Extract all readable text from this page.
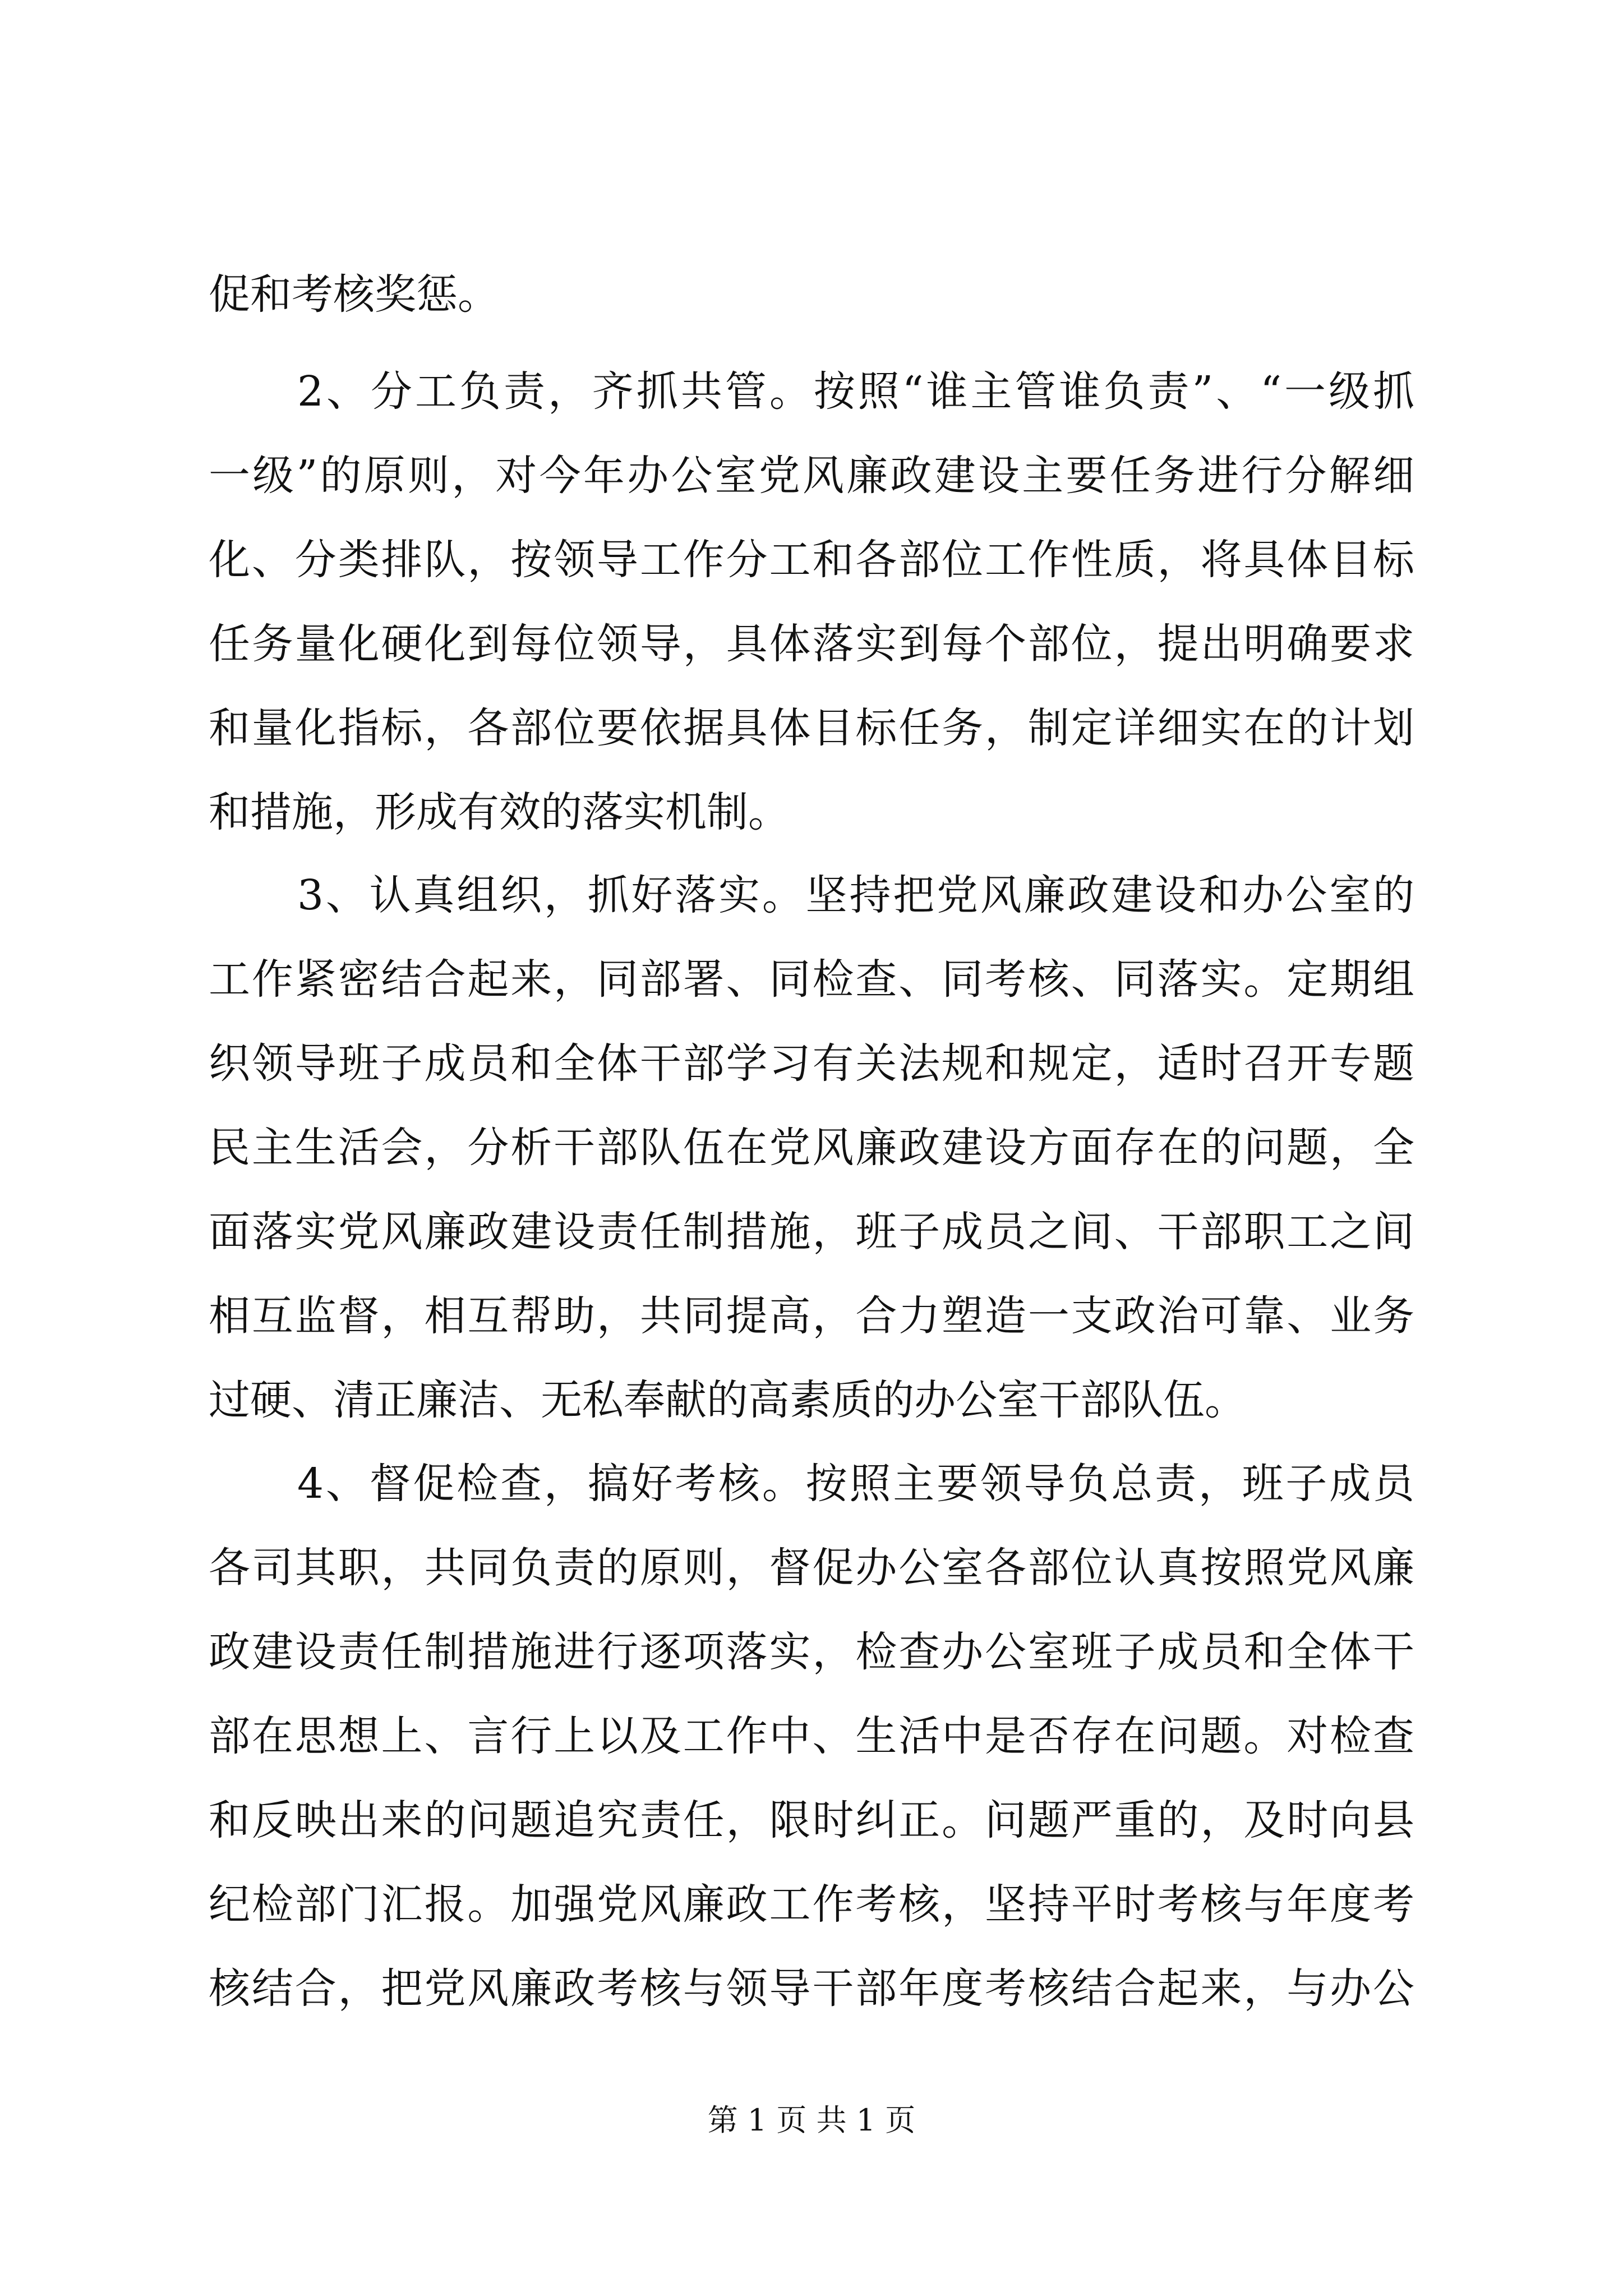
促和考核奖惩。
2、分工负责，齐抓共管。按照“谁主管谁负责”、“一级抓
一级”的原则，对今年办公室党风廉政建设主要任务进行分解细
化、分类排队，按领导工作分工和各部位工作性质，将具体目标
任务量化硬化到每位领导，具体落实到每个部位，提出明确要求
和量化指标，各部位要依据具体目标任务，制定详细实在的计划
和措施，形成有效的落实机制。
3、认真组织，抓好落实。坚持把党风廉政建设和办公室的
工作紧密结合起来，同部署、同检查、同考核、同落实。定期组
织领导班子成员和全体干部学习有关法规和规定，适时召开专题
民主生活会，分析干部队伍在党风廉政建设方面存在的问题，全
面落实党风廉政建设责任制措施，班子成员之间、干部职工之间
相互监督，相互帮助，共同提高，合力塑造一支政治可靠、业务
过硬、清正廉洁、无私奉献的高素质的办公室干部队伍。
4、督促检查，搞好考核。按照主要领导负总责，班子成员
各司其职，共同负责的原则，督促办公室各部位认真按照党风廉
政建设责任制措施进行逐项落实，检查办公室班子成员和全体干
部在思想上、言行上以及工作中、生活中是否存在问题。对检查
和反映出来的问题追究责任，限时纠正。问题严重的，及时向县
纪检部门汇报。加强党风廉政工作考核，坚持平时考核与年度考
核结合，把党风廉政考核与领导干部年度考核结合起来，与办公
第 1 页 共 1 页
